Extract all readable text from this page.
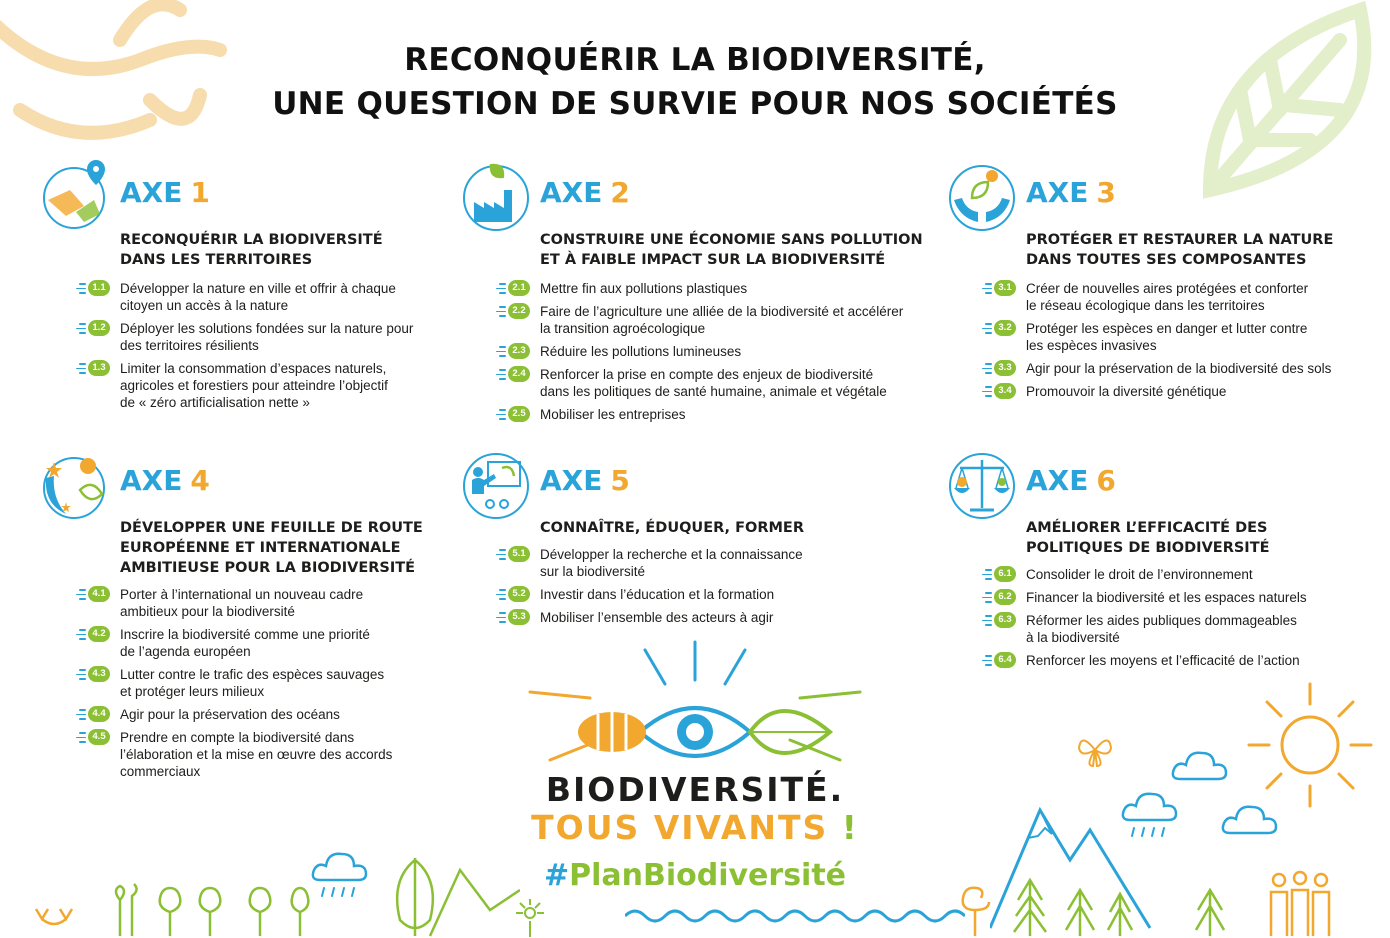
RECONQUÉRIR LA BIODIVERSITÉ,
UNE QUESTION DE SURVIE POUR NOS SOCIÉTÉS
AXE 1
RECONQUÉRIR LA BIODIVERSITÉ
DANS LES TERRITOIRES
1.1	Développer la nature en ville et offrir à chaque
citoyen un accès à la nature
1.2	Déployer les solutions fondées sur la nature pour
des territoires résilients
1.3	Limiter la consommation d’espaces naturels,
agricoles et forestiers pour atteindre l’objectif
de « zéro artificialisation nette »
AXE 2
CONSTRUIRE UNE ÉCONOMIE SANS POLLUTION
ET À FAIBLE IMPACT SUR LA BIODIVERSITÉ
2.1	Mettre fin aux pollutions plastiques
2.2	Faire de l’agriculture une alliée de la biodiversité et accélérer
la transition agroécologique
2.3	Réduire les pollutions lumineuses
2.4	Renforcer la prise en compte des enjeux de biodiversité
dans les politiques de santé humaine, animale et végétale
2.5	Mobiliser les entreprises
AXE 3
PROTÉGER ET RESTAURER LA NATURE
DANS TOUTES SES COMPOSANTES
3.1	Créer de nouvelles aires protégées et conforter
le réseau écologique dans les territoires
3.2	Protéger les espèces en danger et lutter contre
les espèces invasives
3.3	Agir pour la préservation de la biodiversité des sols
3.4	Promouvoir la diversité génétique
AXE 4
DÉVELOPPER UNE FEUILLE DE ROUTE
EUROPÉENNE ET INTERNATIONALE
AMBITIEUSE POUR LA BIODIVERSITÉ
4.1	Porter à l’international un nouveau cadre
ambitieux pour la biodiversité
4.2	Inscrire la biodiversité comme une priorité
de l’agenda européen
4.3	Lutter contre le trafic des espèces sauvages
et protéger leurs milieux
4.4	Agir pour la préservation des océans
4.5	Prendre en compte la biodiversité dans
l’élaboration et la mise en œuvre des accords
commerciaux
AXE 5
CONNAÎTRE, ÉDUQUER, FORMER
5.1	Développer la recherche et la connaissance
sur la biodiversité
5.2	Investir dans l’éducation et la formation
5.3	Mobiliser l’ensemble des acteurs à agir
AXE 6
AMÉLIORER L’EFFICACITÉ DES
POLITIQUES DE BIODIVERSITÉ
6.1	Consolider le droit de l’environnement
6.2	Financer la biodiversité et les espaces naturels
6.3	Réformer les aides publiques dommageables
à la biodiversité
6.4	Renforcer les moyens et l’efficacité de l’action
BIODIVERSITÉ.
TOUS VIVANTS !
#PlanBiodiversité
